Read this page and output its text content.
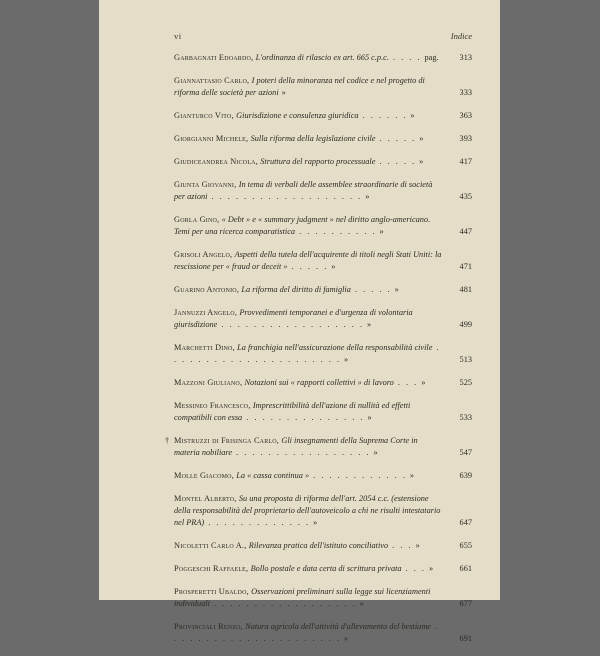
vi	Indice
Garbagnati Edoardo, L'ordinanza di rilascio ex art. 665 c.p.c. . . . . pag.	313
Giannattasio Carlo, I poteri della minoranza nel codice e nel progetto di riforma delle società per azioni »	333
Gianturco Vito, Giurisdizione e consulenza giuridica . . . . . . »	363
Giorgianni Michele, Sulla riforma della legislazione civile . . . . . »	393
Giudiceandrea Nicola, Struttura del rapporto processuale . . . . . »	417
Giunta Giovanni, In tema di verbali delle assemblee straordinarie di società per azioni . . . . . . . . . . . . . . . . . . . »	435
Gorla Gino, « Debt » e « summary judgment » nel diritto anglo-americano. Temi per una ricerca comparatistica . . . . . . . . . . »	447
Grisoli Angelo, Aspetti della tutela dell'acquirente di titoli negli Stati Uniti: la rescissione per « fraud or deceit » . . . . . »	471
Guarino Antonio, La riforma del diritto di famiglia . . . . . »	481
Jannuzzi Angelo, Provvedimenti temporanei e d'urgenza di volontaria giurisdizione . . . . . . . . . . . . . . . . . . »	499
Marchetti Dino, La franchigia nell'assicurazione della responsabilità civile . . . . . . . . . . . . . . . . . . . . . . »	513
Mazzoni Giuliano, Notazioni sui « rapporti collettivi » di lavoro . . . »	525
Messineo Francesco, Imprescrittibilità dell'azione di nullità ed effetti compatibili con essa . . . . . . . . . . . . . . . »	533
† Mistruzzi di Frisinga Carlo, Gli insegnamenti della Suprema Corte in materia nobiliare . . . . . . . . . . . . . . . . . »	547
Molle Giacomo, La « cassa continua » . . . . . . . . . . . . »	639
Montel Alberto, Su una proposta di riforma dell'art. 2054 c.c. (estensione della responsabilità del proprietario dell'autoveicolo a chi ne risulti intestatario nel PRA) . . . . . . . . . . . . . »	647
Nicoletti Carlo A., Rilevanza pratica dell'istituto conciliativo . . . »	655
Poggeschi Raffaele, Bollo postale e data certa di scrittura privata . . . »	661
Prosperetti Ubaldo, Osservazioni preliminari sulla legge sui licenziamenti individuali . . . . . . . . . . . . . . . . . . »	677
Provinciali Renzo, Natura agricola dell'attività d'allevamento del bestiame . . . . . . . . . . . . . . . . . . . . . . »	691
